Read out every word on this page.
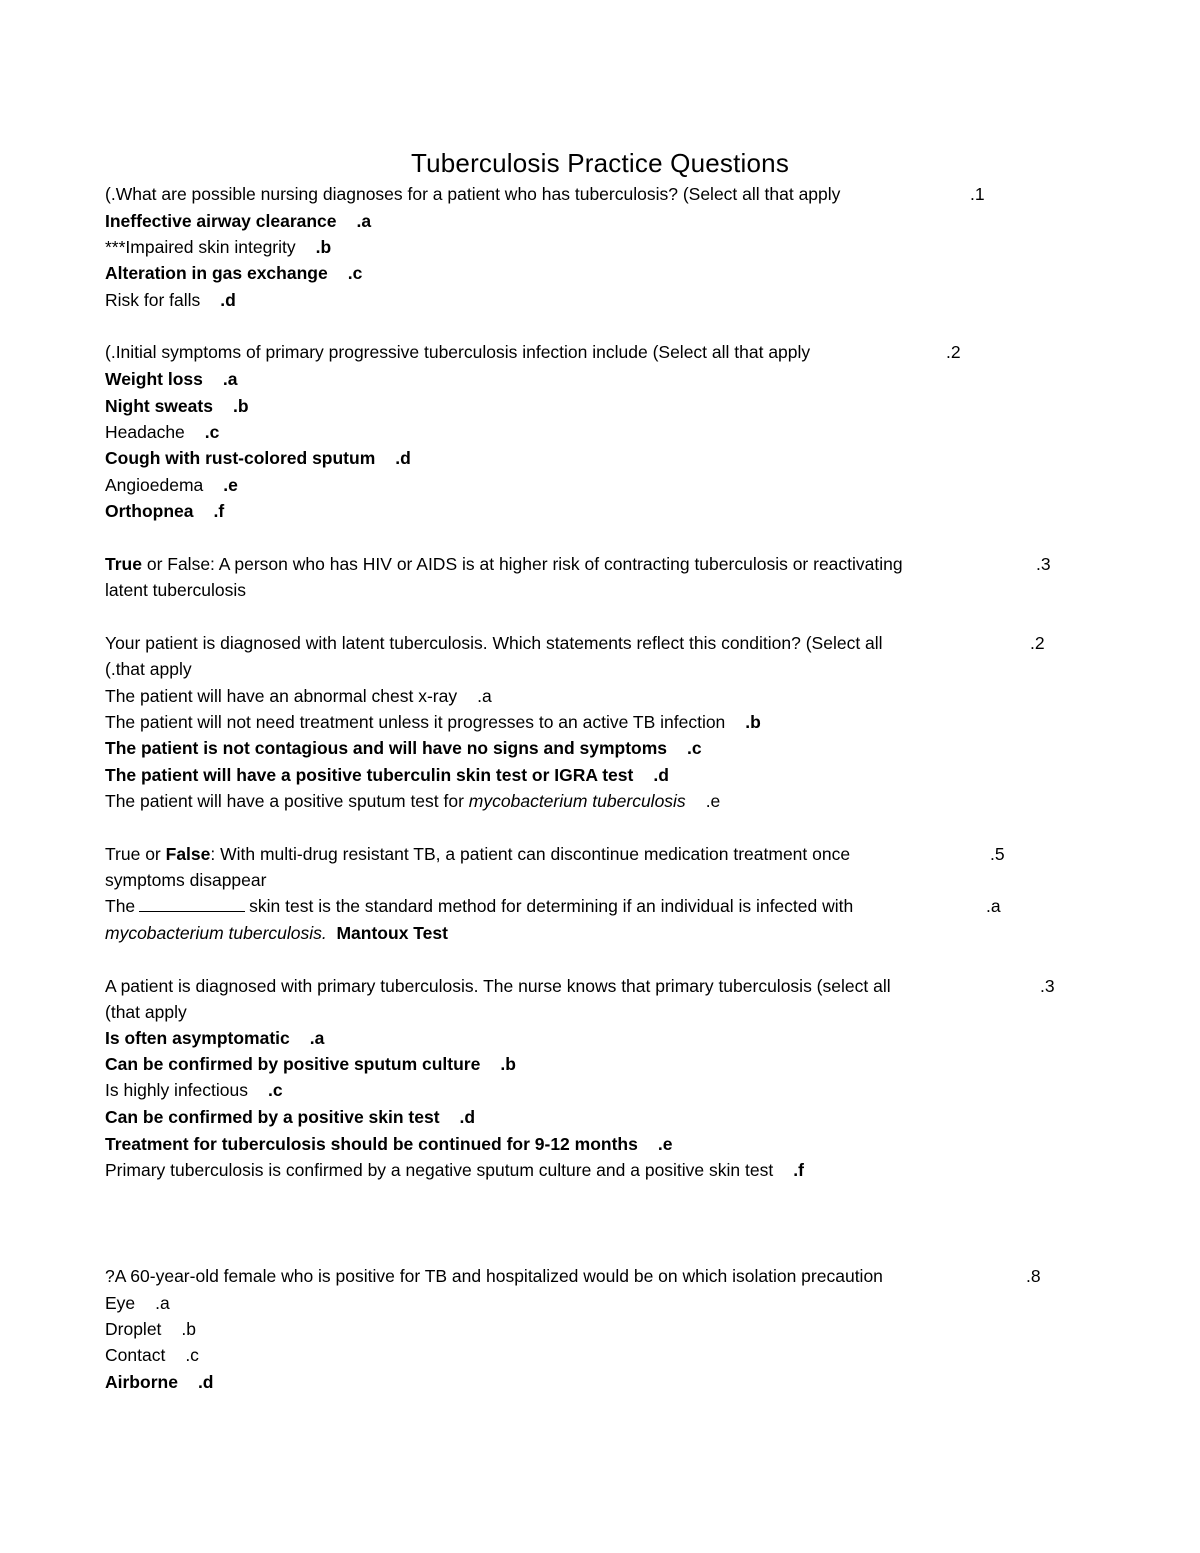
Tuberculosis Practice Questions
(.What are possible nursing diagnoses for a patient who has tuberculosis? (Select all that apply	.1
Ineffective airway clearance .a
***Impaired skin integrity .b
Alteration in gas exchange .c
Risk for falls .d
(.Initial symptoms of primary progressive tuberculosis infection include (Select all that apply	.2
Weight loss .a
Night sweats .b
Headache .c
Cough with rust-colored sputum .d
Angioedema .e
Orthopnea .f
True or False: A person who has HIV or AIDS is at higher risk of contracting tuberculosis or reactivating	.3
latent tuberculosis
Your patient is diagnosed with latent tuberculosis. Which statements reflect this condition? (Select all	.2
(.that apply
The patient will have an abnormal chest x-ray .a
The patient will not need treatment unless it progresses to an active TB infection .b
The patient is not contagious and will have no signs and symptoms .c
The patient will have a positive tuberculin skin test or IGRA test .d
The patient will have a positive sputum test for mycobacterium tuberculosis .e
True or False: With multi-drug resistant TB, a patient can discontinue medication treatment once	.5
symptoms disappear
The	skin test is the standard method for determining if an individual is infected with	.a
mycobacterium tuberculosis. Mantoux Test
A patient is diagnosed with primary tuberculosis. The nurse knows that primary tuberculosis (select all	.3
(that apply
Is often asymptomatic .a
Can be confirmed by positive sputum culture .b
Is highly infectious .c
Can be confirmed by a positive skin test .d
Treatment for tuberculosis should be continued for 9-12 months .e
Primary tuberculosis is confirmed by a negative sputum culture and a positive skin test .f
?A 60-year-old female who is positive for TB and hospitalized would be on which isolation precaution	.8
Eye .a
Droplet .b
Contact .c
Airborne .d
